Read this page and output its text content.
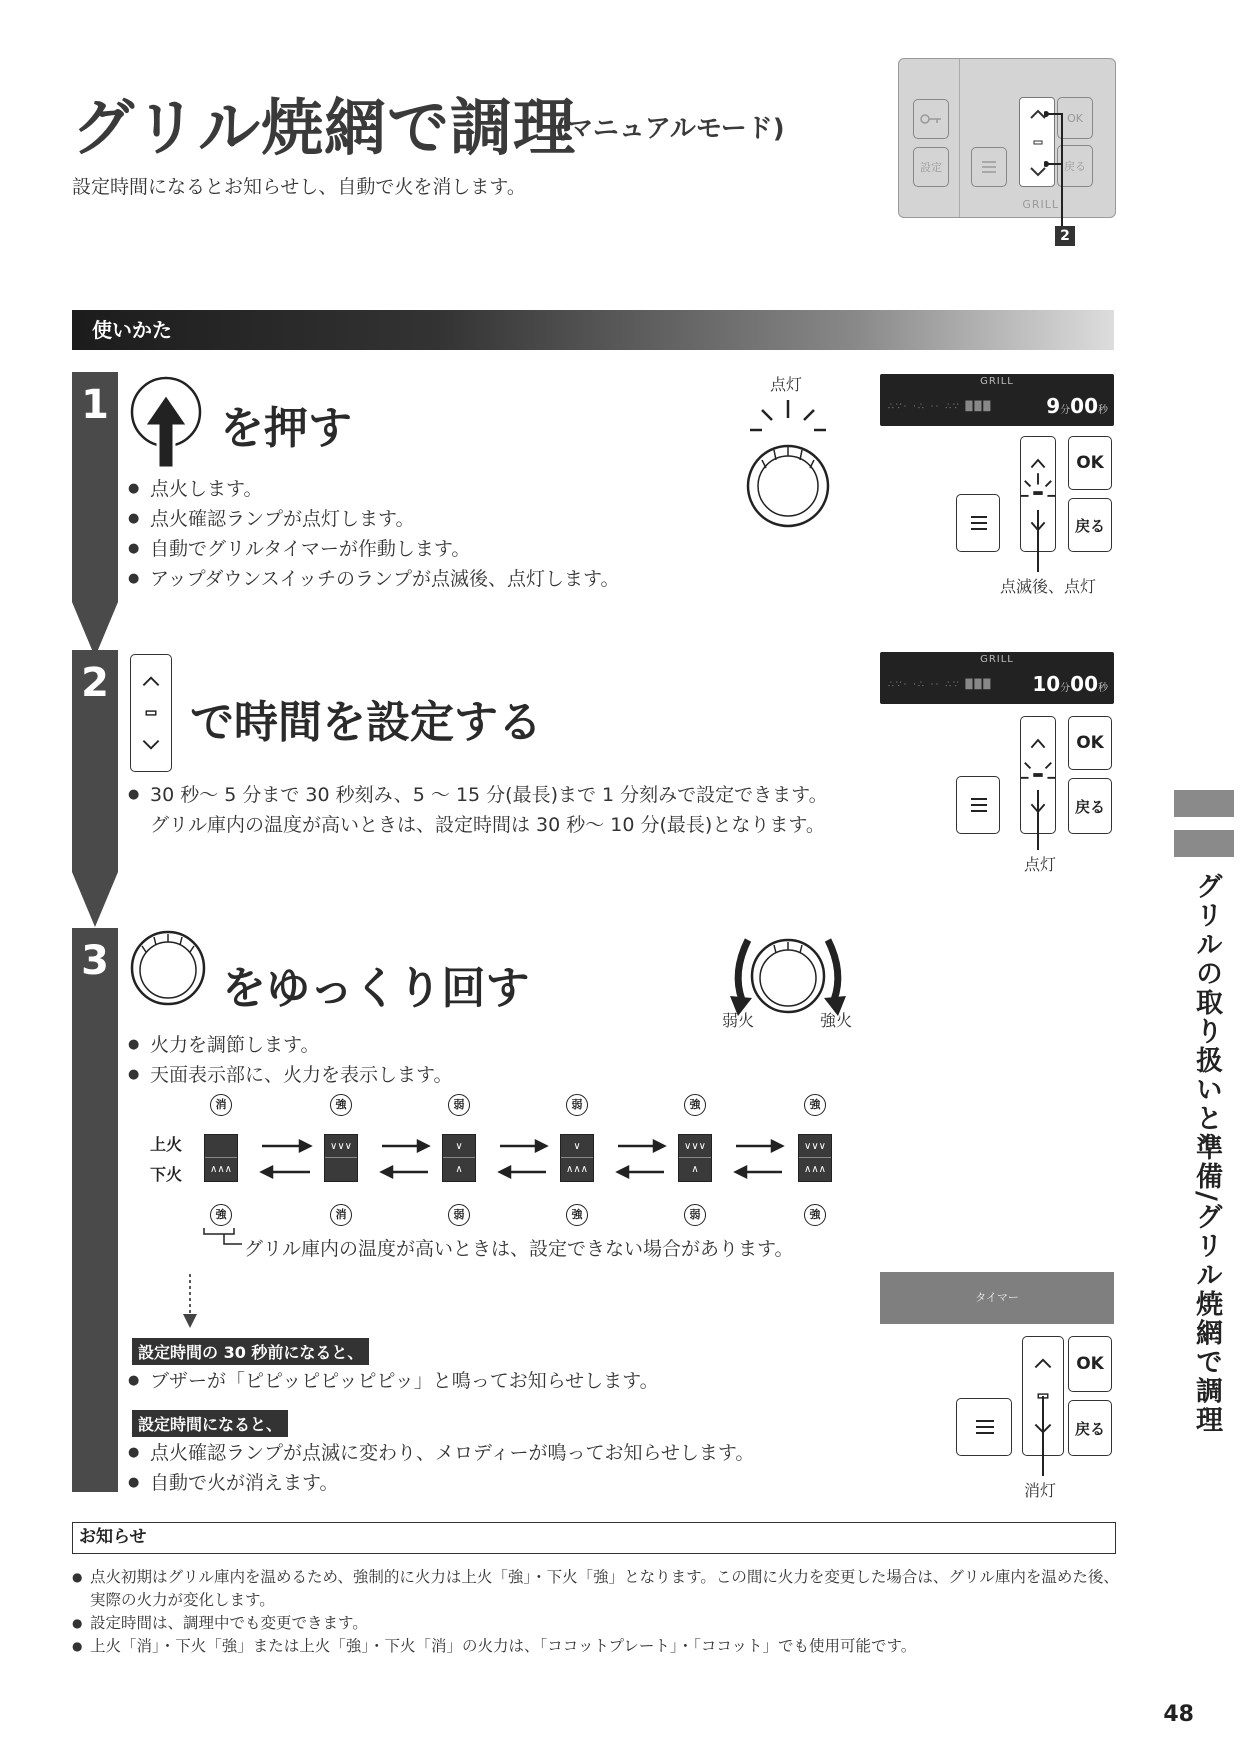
グリル焼網で調理
(マニュアルモード)
設定時間になるとお知らせし、自動で火を消します。
設定
OK
戻る
GRILL
2
使いかた
1	を押す
● 点火します。
● 点火確認ランプが点灯します。
● 自動でグリルタイマーが作動します。
● アップダウンスイッチのランプが点滅後、点灯します。
点灯	GRILL
∴∵· ·∴ ·· ∴∵ ███	9分00秒
OK
戻る
点滅後、点灯
2
で時間を設定する
● 30 秒～ 5 分まで 30 秒刻み、5 ～ 15 分(最長)まで 1 分刻みで設定できます。
グリル庫内の温度が高いときは、設定時間は 30 秒～ 10 分(最長)となります。
GRILL
∴∵· ·∴ ·· ∴∵ ███ 10分00秒
OK
戻る
点灯
3
をゆっくり回す
弱火	強火
● 火力を調節します。
● 天面表示部に、火力を表示します。
上火
下火
消	強	弱	弱	強	強
∧∧∧
∨∨∨	∨
∧
∨
∧∧∧
∨∨∨
∧
∨∨∨
∧∧∧
強	消	弱	強	弱	強
グリル庫内の温度が高いときは、設定できない場合があります。
タイマー
設定時間の 30 秒前になると、
● ブザーが「ピピッピピッピピッ」と鳴ってお知らせします。
設定時間になると、
● 点火確認ランプが点滅に変わり、メロディーが鳴ってお知らせします。
● 自動で火が消えます。
OK
戻る
消灯
お知らせ
● 点火初期はグリル庫内を温めるため、強制的に火力は上火「強」・下火「強」となります。この間に火力を変更した場合は、グリル庫内を温めた後、実際の火力が変化します。
● 設定時間は、調理中でも変更できます。
● 上火「消」・下火「強」または上火「強」・下火「消」の火力は、「ココットプレート」・「ココット」でも使用可能です。
グリルの取り扱いと準備/グリル焼網で調理
48
